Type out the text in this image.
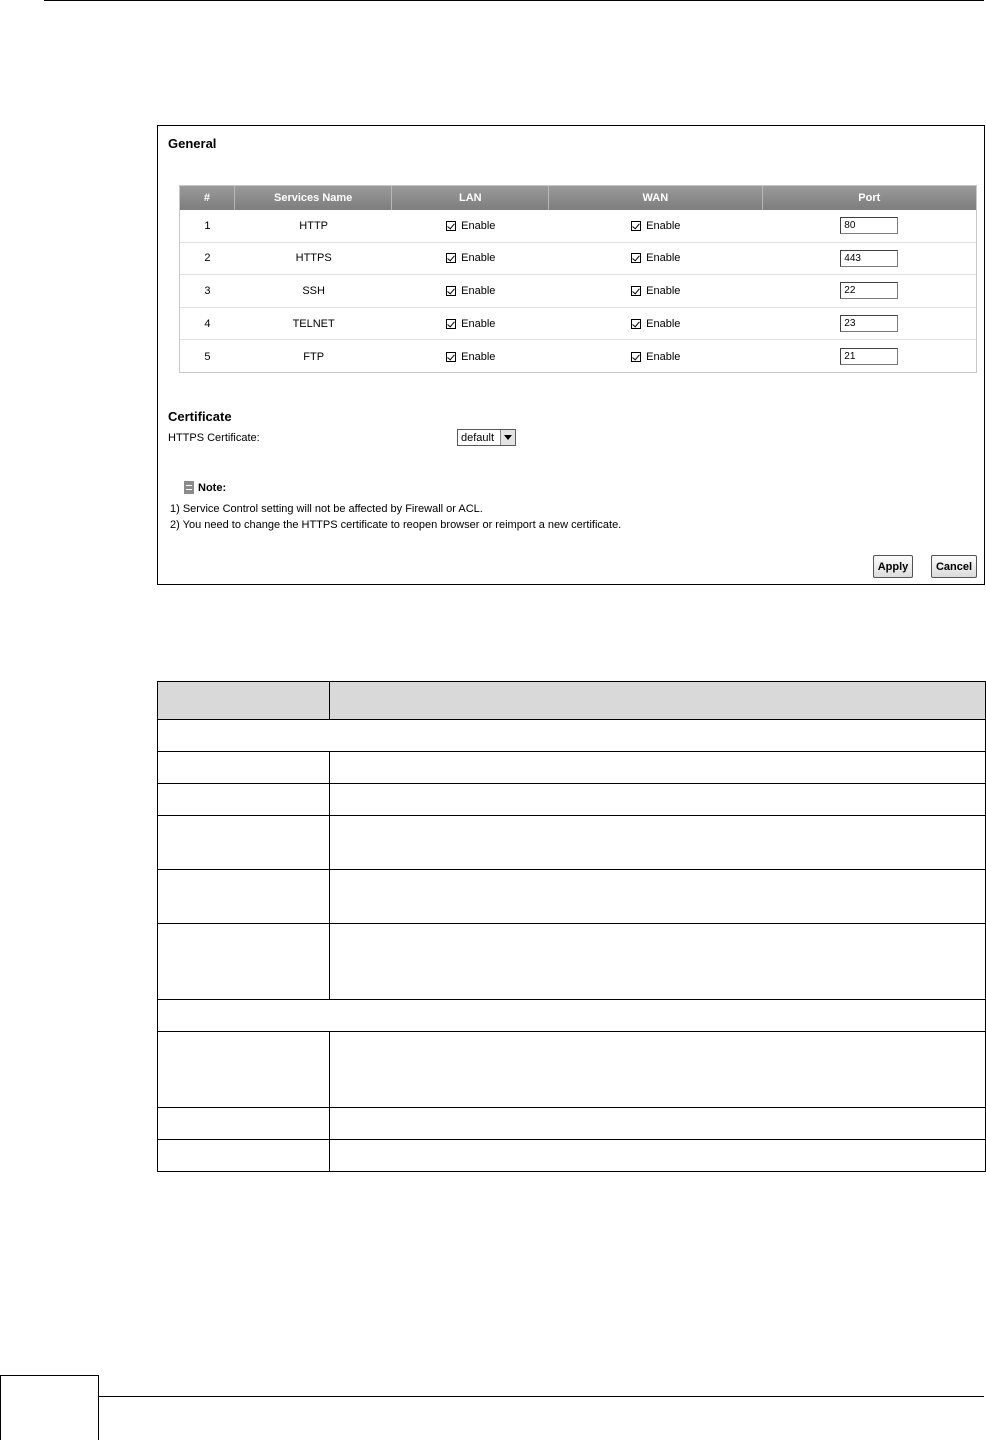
General
#	Services Name	LAN	WAN	Port
1	HTTP	Enable	Enable	80
2	HTTPS	Enable	Enable	443
3	SSH	Enable	Enable	22
4	TELNET	Enable	Enable	23
5	FTP	Enable	Enable	21
Certificate
HTTPS Certificate:	default
Note:
1) Service Control setting will not be affected by Firewall or ACL.
2) You need to change the HTTPS certificate to reopen browser or reimport a new certificate.
Apply	Cancel
